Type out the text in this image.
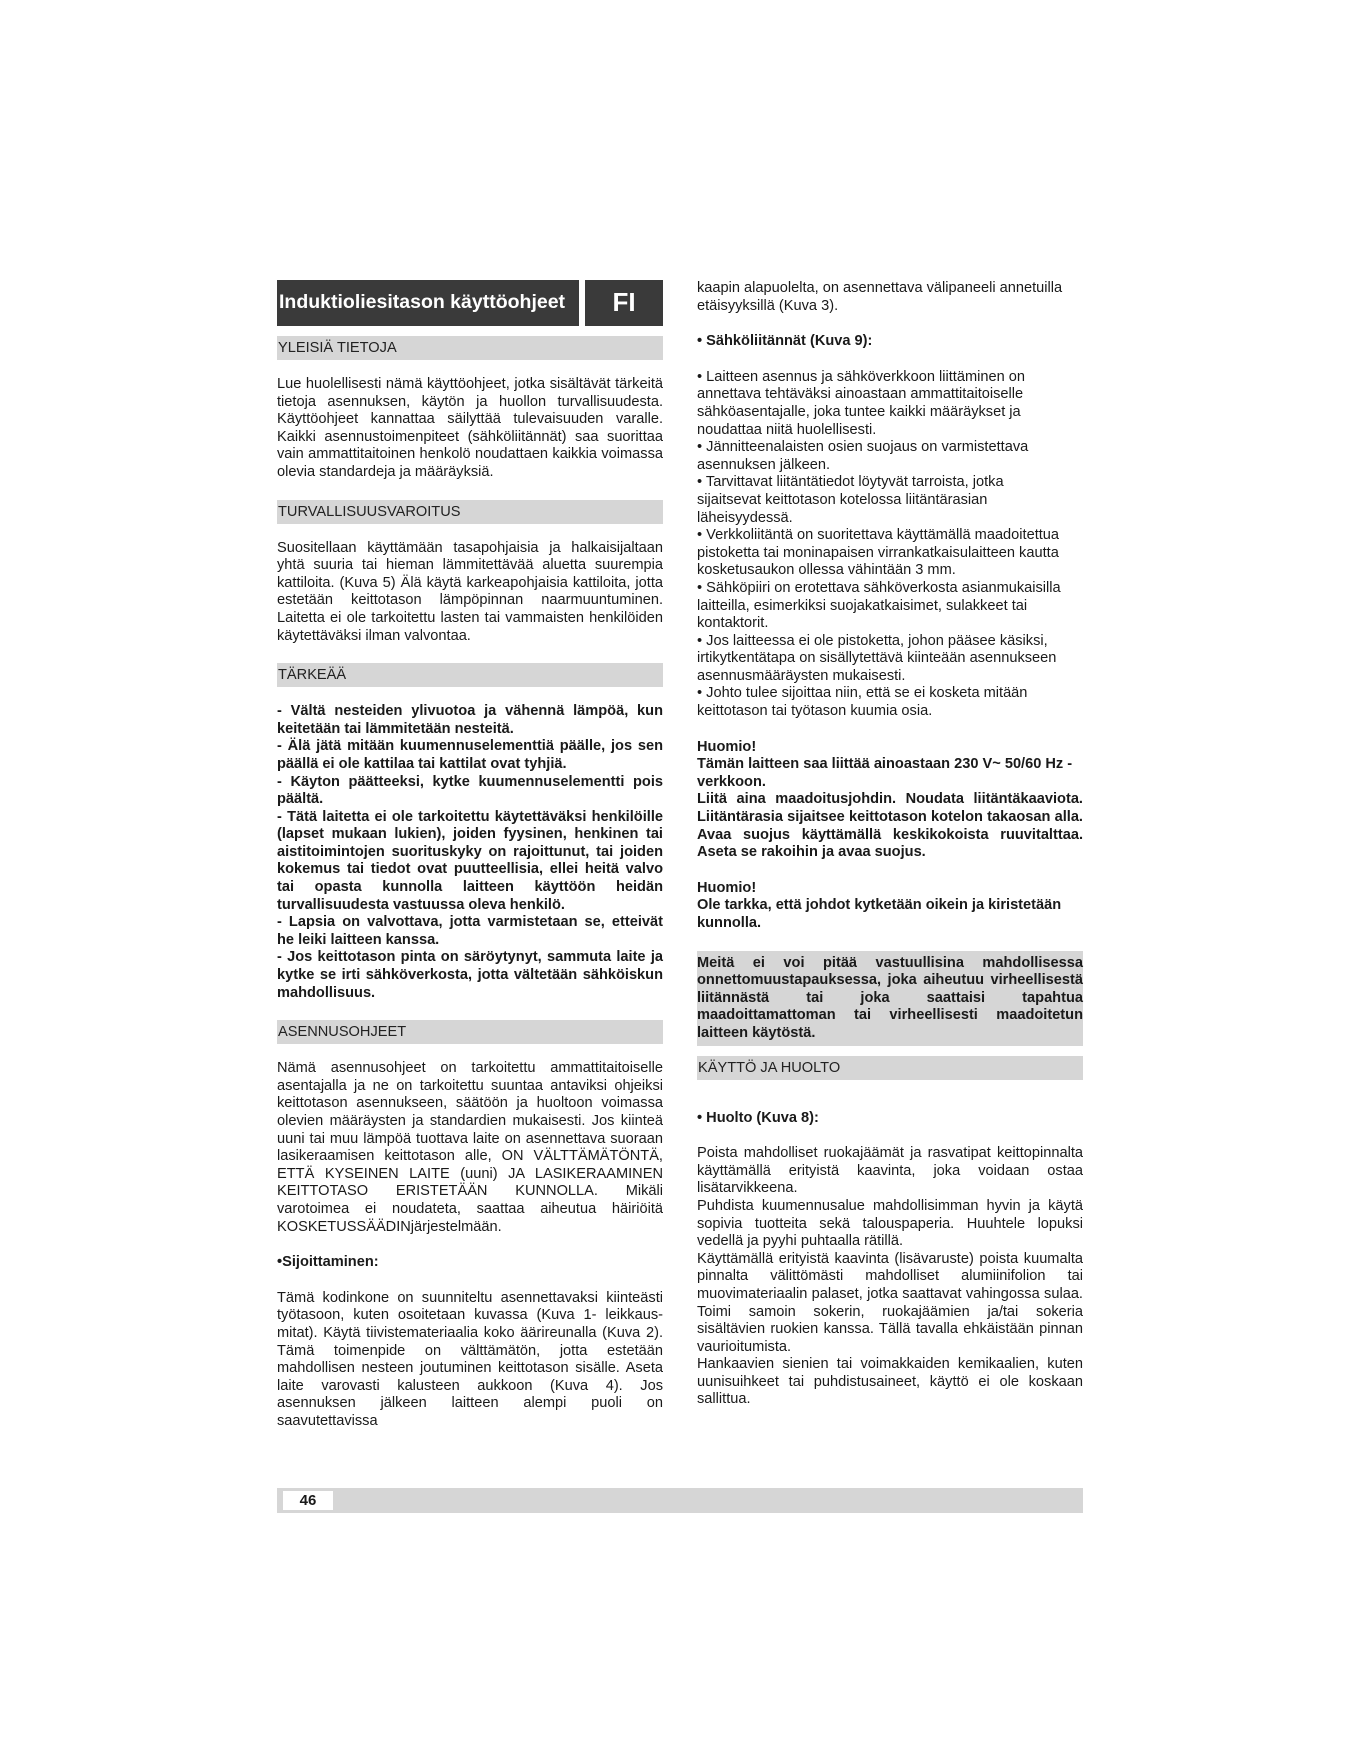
Induktioliesitason käyttöohjeet	FI
YLEISIÄ TIETOJA

Lue huolellisesti nämä käyttöohjeet, jotka sisältävät tärkeitä tietoja asennuksen, käytön ja huollon turvallisuudesta. Käyttöohjeet kannattaa säilyttää tulevaisuuden varalle. Kaikki asennustoimenpiteet (sähköliitännät) saa suorittaa vain ammattitaitoinen henkolö noudattaen kaikkia voimassa olevia standardeja ja määräyksiä.

TURVALLISUUSVAROITUS

Suositellaan käyttämään tasapohjaisia ja halkaisijaltaan yhtä suuria tai hieman lämmitettävää aluetta suurempia kattiloita. (Kuva 5) Älä käytä karkeapohjaisia kattiloita, jotta estetään keittotason lämpöpinnan naarmuuntuminen. Laitetta ei ole tarkoitettu lasten tai vammaisten henkilöiden käytettäväksi ilman valvontaa.

TÄRKEÄÄ
- Vältä nesteiden ylivuotoa ja vähennä lämpöä, kun keitetään tai lämmitetään nesteitä.
- Älä jätä mitään kuumennuselementtiä päälle, jos sen päällä ei ole kattilaa tai kattilat ovat tyhjiä.
- Käyton päätteeksi, kytke kuumennuselementti pois päältä.
- Tätä laitetta ei ole tarkoitettu käytettäväksi henkilöille (lapset mukaan lukien), joiden fyysinen, henkinen tai aistitoimintojen suorituskyky on rajoittunut, tai joiden kokemus tai tiedot ovat puutteellisia, ellei heitä valvo tai opasta kunnolla laitteen käyttöön heidän turvallisuudesta vastuussa oleva henkilö.
- Lapsia on valvottava, jotta varmistetaan se, etteivät he leiki laitteen kanssa.
- Jos keittotason pinta on säröytynyt, sammuta laite ja kytke se irti sähköverkosta, jotta vältetään sähköiskun mahdollisuus.
ASENNUSOHJEET

Nämä asennusohjeet on tarkoitettu ammattitaitoiselle asentajalla ja ne on tarkoitettu suuntaa antaviksi ohjeiksi keittotason asennukseen, säätöön ja huoltoon voimassa olevien määräysten ja standardien mukaisesti. Jos kiinteä uuni tai muu lämpöä tuottava laite on asennettava suoraan lasikeraamisen keittotason alle, ON VÄLTTÄMÄTÖNTÄ, ETTÄ KYSEINEN LAITE (uuni) JA LASIKERAAMINEN KEITTOTASO ERISTETÄÄN KUNNOLLA. Mikäli varotoimea ei noudateta, saattaa aiheutua häiriöitä KOSKETUSSÄÄDINjärjestelmään.

•Sijoittaminen:

Tämä kodinkone on suunniteltu asennettavaksi kiinteästi työtasoon, kuten osoitetaan kuvassa (Kuva 1- leikkaus-mitat). Käytä tiivistemateriaalia koko äärireunalla (Kuva 2). Tämä toimenpide on välttämätön, jotta estetään mahdollisen nesteen joutuminen keittotason sisälle. Aseta laite varovasti kalusteen aukkoon (Kuva 4). Jos asennuksen jälkeen laitteen alempi puoli on saavutettavissa

kaapin alapuolelta, on asennettava välipaneeli annetuilla etäisyyksillä (Kuva 3).

• Sähköliitännät (Kuva 9):

• Laitteen asennus ja sähköverkkoon liittäminen on
annettava tehtäväksi ainoastaan ammattitaitoiselle
sähköasentajalle, joka tuntee kaikki määräykset ja
noudattaa niitä huolellisesti.
• Jännitteenalaisten osien suojaus on varmistettava
asennuksen jälkeen.
• Tarvittavat liitäntätiedot löytyvät tarroista, jotka
sijaitsevat keittotason kotelossa liitäntärasian
läheisyydessä.
• Verkkoliitäntä on suoritettava käyttämällä maadoitettua
pistoketta tai moninapaisen virrankatkaisulaitteen kautta
kosketusaukon ollessa vähintään 3 mm.
• Sähköpiiri on erotettava sähköverkosta asianmukaisilla
laitteilla, esimerkiksi suojakatkaisimet, sulakkeet tai
kontaktorit.
• Jos laitteessa ei ole pistoketta, johon pääsee käsiksi,
irtikytkentätapa on sisällytettävä kiinteään asennukseen
asennusmääräysten mukaisesti.
• Johto tulee sijoittaa niin, että se ei kosketa mitään
keittotason tai työtason kuumia osia.
Huomio!
Tämän laitteen saa liittää ainoastaan 230 V~ 50/60 Hz -verkkoon.
Liitä aina maadoitusjohdin. Noudata liitäntäkaaviota. Liitäntärasia sijaitsee keittotason kotelon takaosan alla. Avaa suojus käyttämällä keskikokoista ruuvitalttaa. Aseta se rakoihin ja avaa suojus.
Huomio!
Ole tarkka, että johdot kytketään oikein ja kiristetään kunnolla.
Meitä ei voi pitää vastuullisina mahdollisessa onnettomuustapauksessa, joka aiheutuu virheellisestä liitännästä tai joka saattaisi tapahtua maadoittamattoman tai virheellisesti maadoitetun laitteen käytöstä.
KÄYTTÖ JA HUOLTO

• Huolto (Kuva 8):

Poista mahdolliset ruokajäämät ja rasvatipat keittopinnalta käyttämällä erityistä kaavinta, joka voidaan ostaa lisätarvikkeena.
Puhdista kuumennusalue mahdollisimman hyvin ja käytä sopivia tuotteita sekä talouspaperia. Huuhtele lopuksi vedellä ja pyyhi puhtaalla rätillä.
Käyttämällä erityistä kaavinta (lisävaruste) poista kuumalta pinnalta välittömästi mahdolliset alumiinifolion tai muovimateriaalin palaset, jotka saattavat vahingossa sulaa. Toimi samoin sokerin, ruokajäämien ja/tai sokeria sisältävien ruokien kanssa. Tällä tavalla ehkäistään pinnan vaurioitumista.
Hankaavien sienien tai voimakkaiden kemikaalien, kuten uunisuihkeet tai puhdistusaineet, käyttö ei ole koskaan sallittua.
46
